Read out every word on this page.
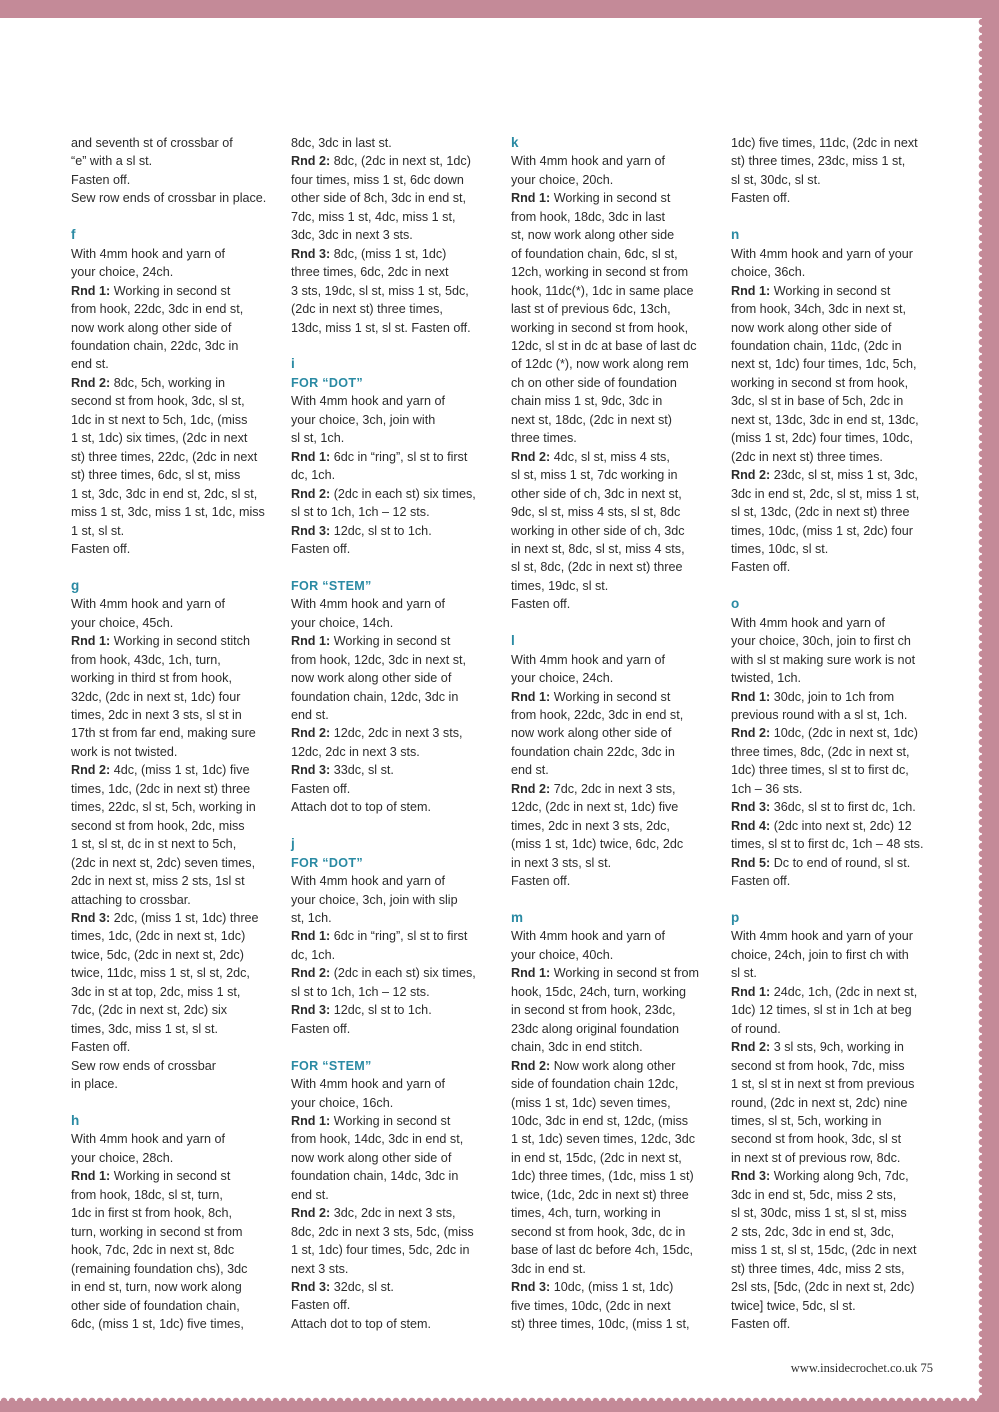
and seventh st of crossbar of

“e” with a sl st.

Fasten off.

Sew row ends of crossbar in place.

f

With 4mm hook and yarn of

your choice, 24ch.

Rnd 1: Working in second st

from hook, 22dc, 3dc in end st,

now work along other side of

foundation chain, 22dc, 3dc in

end st.

Rnd 2: 8dc, 5ch, working in

second st from hook, 3dc, sl st,

1dc in st next to 5ch, 1dc, (miss

1 st, 1dc) six times, (2dc in next

st) three times, 22dc, (2dc in next

st) three times, 6dc, sl st, miss

1 st, 3dc, 3dc in end st, 2dc, sl st,

miss 1 st, 3dc, miss 1 st, 1dc, miss

1 st, sl st.

Fasten off.

g

With 4mm hook and yarn of

your choice, 45ch.

Rnd 1: Working in second stitch

from hook, 43dc, 1ch, turn,

working in third st from hook,

32dc, (2dc in next st, 1dc) four

times, 2dc in next 3 sts, sl st in

17th st from far end, making sure

work is not twisted.

Rnd 2: 4dc, (miss 1 st, 1dc) five

times, 1dc, (2dc in next st) three

times, 22dc, sl st, 5ch, working in

second st from hook, 2dc, miss

1 st, sl st, dc in st next to 5ch,

(2dc in next st, 2dc) seven times,

2dc in next st, miss 2 sts, 1sl st

attaching to crossbar.

Rnd 3: 2dc, (miss 1 st, 1dc) three

times, 1dc, (2dc in next st, 1dc)

twice, 5dc, (2dc in next st, 2dc)

twice, 11dc, miss 1 st, sl st, 2dc,

3dc in st at top, 2dc, miss 1 st,

7dc, (2dc in next st, 2dc) six

times, 3dc, miss 1 st, sl st.

Fasten off.

Sew row ends of crossbar

in place.

h

With 4mm hook and yarn of

your choice, 28ch.

Rnd 1: Working in second st

from hook, 18dc, sl st, turn,

1dc in first st from hook, 8ch,

turn, working in second st from

hook, 7dc, 2dc in next st, 8dc

(remaining foundation chs), 3dc

in end st, turn, now work along

other side of foundation chain,

6dc, (miss 1 st, 1dc) five times,

8dc, 3dc in last st.

Rnd 2: 8dc, (2dc in next st, 1dc)

four times, miss 1 st, 6dc down

other side of 8ch, 3dc in end st,

7dc, miss 1 st, 4dc, miss 1 st,

3dc, 3dc in next 3 sts.

Rnd 3: 8dc, (miss 1 st, 1dc)

three times, 6dc, 2dc in next

3 sts, 19dc, sl st, miss 1 st, 5dc,

(2dc in next st) three times,

13dc, miss 1 st, sl st. Fasten off.

i

FOR “DOT”

With 4mm hook and yarn of

your choice, 3ch, join with

sl st, 1ch.

Rnd 1: 6dc in “ring”, sl st to first

dc, 1ch.

Rnd 2: (2dc in each st) six times,

sl st to 1ch, 1ch – 12 sts.

Rnd 3: 12dc, sl st to 1ch.

Fasten off.

FOR “STEM”

With 4mm hook and yarn of

your choice, 14ch.

Rnd 1: Working in second st

from hook, 12dc, 3dc in next st,

now work along other side of

foundation chain, 12dc, 3dc in

end st.

Rnd 2: 12dc, 2dc in next 3 sts,

12dc, 2dc in next 3 sts.

Rnd 3: 33dc, sl st.

Fasten off.

Attach dot to top of stem.

j

FOR “DOT”

With 4mm hook and yarn of

your choice, 3ch, join with slip

st, 1ch.

Rnd 1: 6dc in “ring”, sl st to first

dc, 1ch.

Rnd 2: (2dc in each st) six times,

sl st to 1ch, 1ch – 12 sts.

Rnd 3: 12dc, sl st to 1ch.

Fasten off.

FOR “STEM”

With 4mm hook and yarn of

your choice, 16ch.

Rnd 1: Working in second st

from hook, 14dc, 3dc in end st,

now work along other side of

foundation chain, 14dc, 3dc in

end st.

Rnd 2: 3dc, 2dc in next 3 sts,

8dc, 2dc in next 3 sts, 5dc, (miss

1 st, 1dc) four times, 5dc, 2dc in

next 3 sts.

Rnd 3: 32dc, sl st.

Fasten off.

Attach dot to top of stem.

k

With 4mm hook and yarn of

your choice, 20ch.

Rnd 1: Working in second st

from hook, 18dc, 3dc in last

st, now work along other side

of foundation chain, 6dc, sl st,

12ch, working in second st from

hook, 11dc(*), 1dc in same place

last st of previous 6dc, 13ch,

working in second st from hook,

12dc, sl st in dc at base of last dc

of 12dc (*), now work along rem

ch on other side of foundation

chain miss 1 st, 9dc, 3dc in

next st, 18dc, (2dc in next st)

three times.

Rnd 2: 4dc, sl st, miss 4 sts,

sl st, miss 1 st, 7dc working in

other side of ch, 3dc in next st,

9dc, sl st, miss 4 sts, sl st, 8dc

working in other side of ch, 3dc

in next st, 8dc, sl st, miss 4 sts,

sl st, 8dc, (2dc in next st) three

times, 19dc, sl st.

Fasten off.

l

With 4mm hook and yarn of

your choice, 24ch.

Rnd 1: Working in second st

from hook, 22dc, 3dc in end st,

now work along other side of

foundation chain 22dc, 3dc in

end st.

Rnd 2: 7dc, 2dc in next 3 sts,

12dc, (2dc in next st, 1dc) five

times, 2dc in next 3 sts, 2dc,

(miss 1 st, 1dc) twice, 6dc, 2dc

in next 3 sts, sl st.

Fasten off.

m

With 4mm hook and yarn of

your choice, 40ch.

Rnd 1: Working in second st from

hook, 15dc, 24ch, turn, working

in second st from hook, 23dc,

23dc along original foundation

chain, 3dc in end stitch.

Rnd 2: Now work along other

side of foundation chain 12dc,

(miss 1 st, 1dc) seven times,

10dc, 3dc in end st, 12dc, (miss

1 st, 1dc) seven times, 12dc, 3dc

in end st, 15dc, (2dc in next st,

1dc) three times, (1dc, miss 1 st)

twice, (1dc, 2dc in next st) three

times, 4ch, turn, working in

second st from hook, 3dc, dc in

base of last dc before 4ch, 15dc,

3dc in end st.

Rnd 3: 10dc, (miss 1 st, 1dc)

five times, 10dc, (2dc in next

st) three times, 10dc, (miss 1 st,

1dc) five times, 11dc, (2dc in next

st) three times, 23dc, miss 1 st,

sl st, 30dc, sl st.

Fasten off.

n

With 4mm hook and yarn of your

choice, 36ch.

Rnd 1: Working in second st

from hook, 34ch, 3dc in next st,

now work along other side of

foundation chain, 11dc, (2dc in

next st, 1dc) four times, 1dc, 5ch,

working in second st from hook,

3dc, sl st in base of 5ch, 2dc in

next st, 13dc, 3dc in end st, 13dc,

(miss 1 st, 2dc) four times, 10dc,

(2dc in next st) three times.

Rnd 2: 23dc, sl st, miss 1 st, 3dc,

3dc in end st, 2dc, sl st, miss 1 st,

sl st, 13dc, (2dc in next st) three

times, 10dc, (miss 1 st, 2dc) four

times, 10dc, sl st.

Fasten off.

o

With 4mm hook and yarn of

your choice, 30ch, join to first ch

with sl st making sure work is not

twisted, 1ch.

Rnd 1: 30dc, join to 1ch from

previous round with a sl st, 1ch.

Rnd 2: 10dc, (2dc in next st, 1dc)

three times, 8dc, (2dc in next st,

1dc) three times, sl st to first dc,

1ch – 36 sts.

Rnd 3: 36dc, sl st to first dc, 1ch.

Rnd 4: (2dc into next st, 2dc) 12

times, sl st to first dc, 1ch – 48 sts.

Rnd 5: Dc to end of round, sl st.

Fasten off.

p

With 4mm hook and yarn of your

choice, 24ch, join to first ch with

sl st.

Rnd 1: 24dc, 1ch, (2dc in next st,

1dc) 12 times, sl st in 1ch at beg

of round.

Rnd 2: 3 sl sts, 9ch, working in

second st from hook, 7dc, miss

1 st, sl st in next st from previous

round, (2dc in next st, 2dc) nine

times, sl st, 5ch, working in

second st from hook, 3dc, sl st

in next st of previous row, 8dc.

Rnd 3: Working along 9ch, 7dc,

3dc in end st, 5dc, miss 2 sts,

sl st, 30dc, miss 1 st, sl st, miss

2 sts, 2dc, 3dc in end st, 3dc,

miss 1 st, sl st, 15dc, (2dc in next

st) three times, 4dc, miss 2 sts,

2sl sts, [5dc, (2dc in next st, 2dc)

twice] twice, 5dc, sl st.

Fasten off.

www.insidecrochet.co.uk 75
